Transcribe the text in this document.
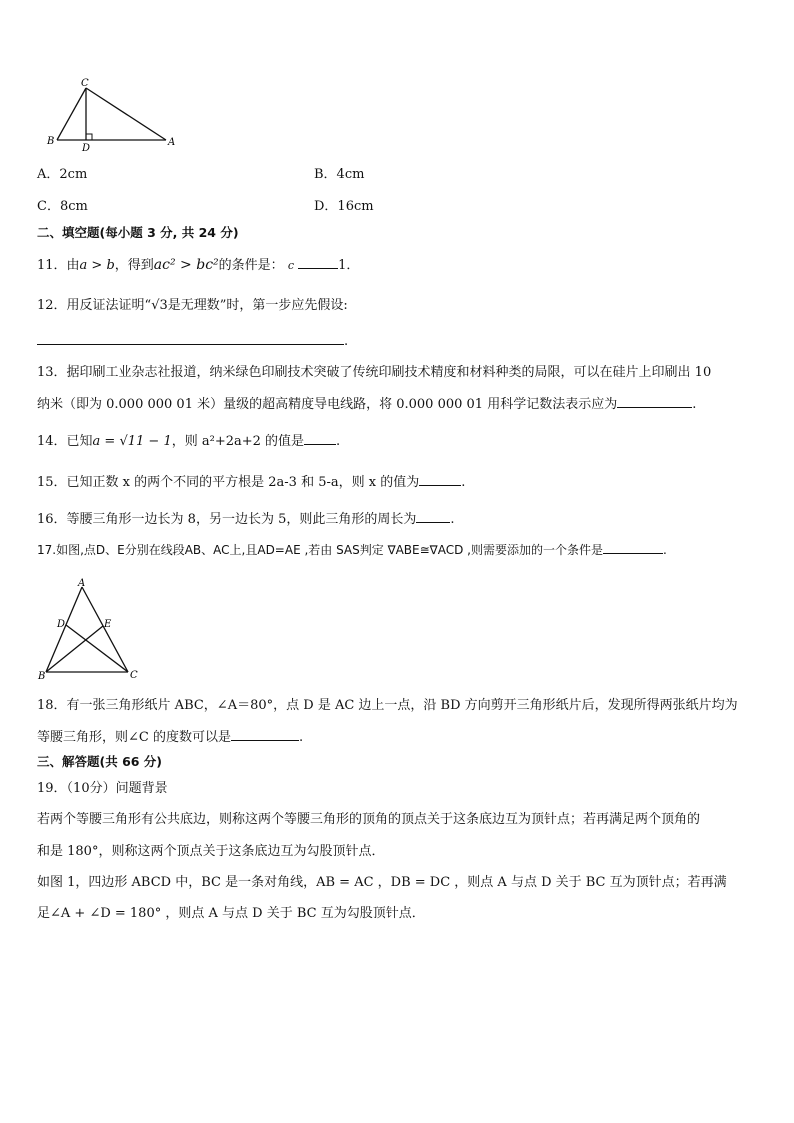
C
B
D
A
A．2cm	B．4cm
C．8cm	D．16cm
二、填空题(每小题 3 分, 共 24 分)
11．由a > b，得到ac² > bc²的条件是： c	1．
12．用反证法证明“√3是无理数”时，第一步应先假设:
.
13．据印刷工业杂志社报道，纳米绿色印刷技术突破了传统印刷技术精度和材料种类的局限，可以在硅片上印刷出 10
纳米（即为 0.000 000 01 米）量级的超高精度导电线路，将 0.000 000 01 用科学记数法表示应为	.
14．已知a = √11 − 1，则 a²+2a+2 的值是 .
15．已知正数 x 的两个不同的平方根是 2a-3 和 5-a，则 x 的值为	.
16．等腰三角形一边长为 8，另一边长为 5，则此三角形的周长为	.
17.如图,点D、E分别在线段AB、AC上,且AD=AE ,若由 SAS判定 ∇ABE≅∇ACD ,则需要添加的一个条件是	.
A
D	E
B	C
18．有一张三角形纸片 ABC，∠A＝80°，点 D 是 AC 边上一点，沿 BD 方向剪开三角形纸片后，发现所得两张纸片均为
等腰三角形，则∠C 的度数可以是	.
三、解答题(共 66 分)
19．（10分）问题背景
若两个等腰三角形有公共底边，则称这两个等腰三角形的顶角的顶点关于这条底边互为顶针点；若再满足两个顶角的
和是 180°，则称这两个顶点关于这条底边互为勾股顶针点．
如图 1，四边形 ABCD 中，BC 是一条对角线，AB = AC ，DB = DC ，则点 A 与点 D 关于 BC 互为顶针点；若再满
足∠A + ∠D = 180° ，则点 A 与点 D 关于 BC 互为勾股顶针点．
